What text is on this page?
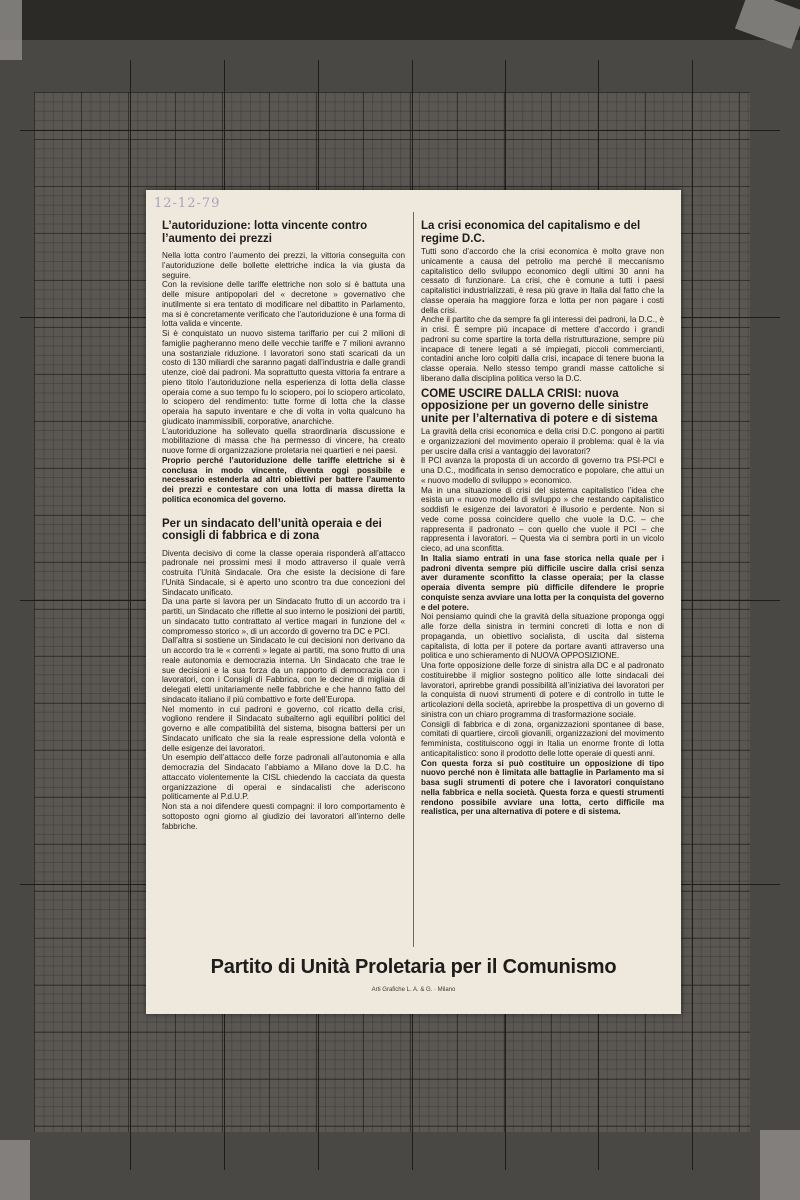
12-12-79
L’autoriduzione: lotta vincente contro l’aumento dei prezzi

Nella lotta contro l’aumento dei prezzi, la vittoria conseguita con l’autoriduzione delle bollette elettriche indica la via giusta da seguire.

Con la revisione delle tariffe elettriche non solo si è battuta una delle misure antipopolari del « decretone » governativo che inutilmente si era tentato di modificare nel dibattito in Parlamento, ma si è concretamente verificato che l’autoriduzione è una forma di lotta valida e vincente.

Si è conquistato un nuovo sistema tariffario per cui 2 milioni di famiglie pagheranno meno delle vecchie tariffe e 7 milioni avranno una sostanziale riduzione. I lavoratori sono stati scaricati da un costo di 130 miliardi che saranno pagati dall’industria e dalle grandi utenze, cioè dai padroni. Ma soprattutto questa vittoria fa entrare a pieno titolo l’autoriduzione nella esperienza di lotta della classe operaia come a suo tempo fu lo sciopero, poi lo sciopero articolato, lo sciopero del rendimento: tutte forme di lotta che la classe operaia ha saputo inventare e che di volta in volta qualcuno ha giudicato inammissibili, corporative, anarchiche.

L’autoriduzione ha sollevato quella straordinaria discussione e mobilitazione di massa che ha permesso di vincere, ha creato nuove forme di organizzazione proletaria nei quartieri e nei paesi.

Proprio perché l’autoriduzione delle tariffe elettriche si è conclusa in modo vincente, diventa oggi possibile e necessario estenderla ad altri obiettivi per battere l’aumento dei prezzi e contestare con una lotta di massa diretta la politica economica del governo.

Per un sindacato dell’unità operaia e dei consigli di fabbrica e di zona

Diventa decisivo di come la classe operaia risponderà all’attacco padronale nei prossimi mesi il modo attraverso il quale verrà costruita l’Unità Sindacale. Ora che esiste la decisione di fare l’Unità Sindacale, si è aperto uno scontro tra due concezioni del Sindacato unificato.

Da una parte si lavora per un Sindacato frutto di un accordo tra i partiti, un Sindacato che riflette al suo interno le posizioni dei partiti, un sindacato tutto contrattato al vertice magari in funzione del « compromesso storico », di un accordo di governo tra DC e PCI.

Dall’altra si sostiene un Sindacato le cui decisioni non derivano da un accordo tra le « correnti » legate ai partiti, ma sono frutto di una reale autonomia e democrazia interna. Un Sindacato che trae le sue decisioni e la sua forza da un rapporto di democrazia con i lavoratori, con i Consigli di Fabbrica, con le decine di migliaia di delegati eletti unitariamente nelle fabbriche e che hanno fatto del sindacato italiano il più combattivo e forte dell’Europa.

Nel momento in cui padroni e governo, col ricatto della crisi, vogliono rendere il Sindacato subalterno agli equilibri politici del governo e alle compatibilità del sistema, bisogna battersi per un Sindacato unificato che sia la reale espressione della volontà e delle esigenze dei lavoratori.

Un esempio dell’attacco delle forze padronali all’autonomia e alla democrazia del Sindacato l’abbiamo a Milano dove la D.C. ha attaccato violentemente la CISL chiedendo la cacciata da questa organizzazione di operai e sindacalisti che aderiscono politicamente al P.d.U.P.

Non sta a noi difendere questi compagni: il loro comportamento è sottoposto ogni giorno al giudizio dei lavoratori all’interno delle fabbriche.

La crisi economica del capitalismo e del regime D.C.

Tutti sono d’accordo che la crisi economica è molto grave non unicamente a causa del petrolio ma perché il meccanismo capitalistico dello sviluppo economico degli ultimi 30 anni ha cessato di funzionare. La crisi, che è comune a tutti i paesi capitalistici industrializzati, è resa più grave in Italia dal fatto che la classe operaia ha maggiore forza e lotta per non pagare i costi della crisi.

Anche il partito che da sempre fa gli interessi dei padroni, la D.C., è in crisi. È sempre più incapace di mettere d’accordo i grandi padroni su come spartire la torta della ristrutturazione, sempre più incapace di tenere legati a sé impiegati, piccoli commercianti, contadini anche loro colpiti dalla crisi, incapace di tenere buona la classe operaia. Nello stesso tempo grandi masse cattoliche si liberano dalla disciplina politica verso la D.C.

COME USCIRE DALLA CRISI: nuova opposizione per un governo delle sinistre unite per l’alternativa di potere e di sistema

La gravità della crisi economica e della crisi D.C. pongono ai partiti e organizzazioni del movimento operaio il problema: qual è la via per uscire dalla crisi a vantaggio dei lavoratori?

Il PCI avanza la proposta di un accordo di governo tra PSI-PCI e una D.C., modificata in senso democratico e popolare, che attui un « nuovo modello di sviluppo » economico.

Ma in una situazione di crisi del sistema capitalistico l’idea che esista un « nuovo modello di sviluppo » che restando capitalistico soddisfi le esigenze dei lavoratori è illusorio e perdente. Non si vede come possa coincidere quello che vuole la D.C. – che rappresenta il padronato – con quello che vuole il PCI – che rappresenta i lavoratori. – Questa via ci sembra porti in un vicolo cieco, ad una sconfitta.

In Italia siamo entrati in una fase storica nella quale per i padroni diventa sempre più difficile uscire dalla crisi senza aver duramente sconfitto la classe operaia; per la classe operaia diventa sempre più difficile difendere le proprie conquiste senza avviare una lotta per la conquista del governo e del potere.

Noi pensiamo quindi che la gravità della situazione proponga oggi alle forze della sinistra in termini concreti di lotta e non di propaganda, un obiettivo socialista, di uscita dal sistema capitalista, di lotta per il potere da portare avanti attraverso una politica e uno schieramento di NUOVA OPPOSIZIONE.

Una forte opposizione delle forze di sinistra alla DC e al padronato costituirebbe il miglior sostegno politico alle lotte sindacali dei lavoratori, aprirebbe grandi possibilità all’iniziativa dei lavoratori per la conquista di nuovi strumenti di potere e di controllo in tutte le articolazioni della società, aprirebbe la prospettiva di un governo di sinistra con un chiaro programma di trasformazione sociale.

Consigli di fabbrica e di zona, organizzazioni spontanee di base, comitati di quartiere, circoli giovanili, organizzazioni del movimento femminista, costituiscono oggi in Italia un enorme fronte di lotta anticapitalistico: sono il prodotto delle lotte operaie di questi anni.

Con questa forza si può costituire un opposizione di tipo nuovo perché non è limitata alle battaglie in Parlamento ma si basa sugli strumenti di potere che i lavoratori conquistano nella fabbrica e nella società. Questa forza e questi strumenti rendono possibile avviare una lotta, certo difficile ma realistica, per una alternativa di potere e di sistema.

Partito di Unità Proletaria per il Comunismo
Arti Grafiche L. A. & G. · Milano
